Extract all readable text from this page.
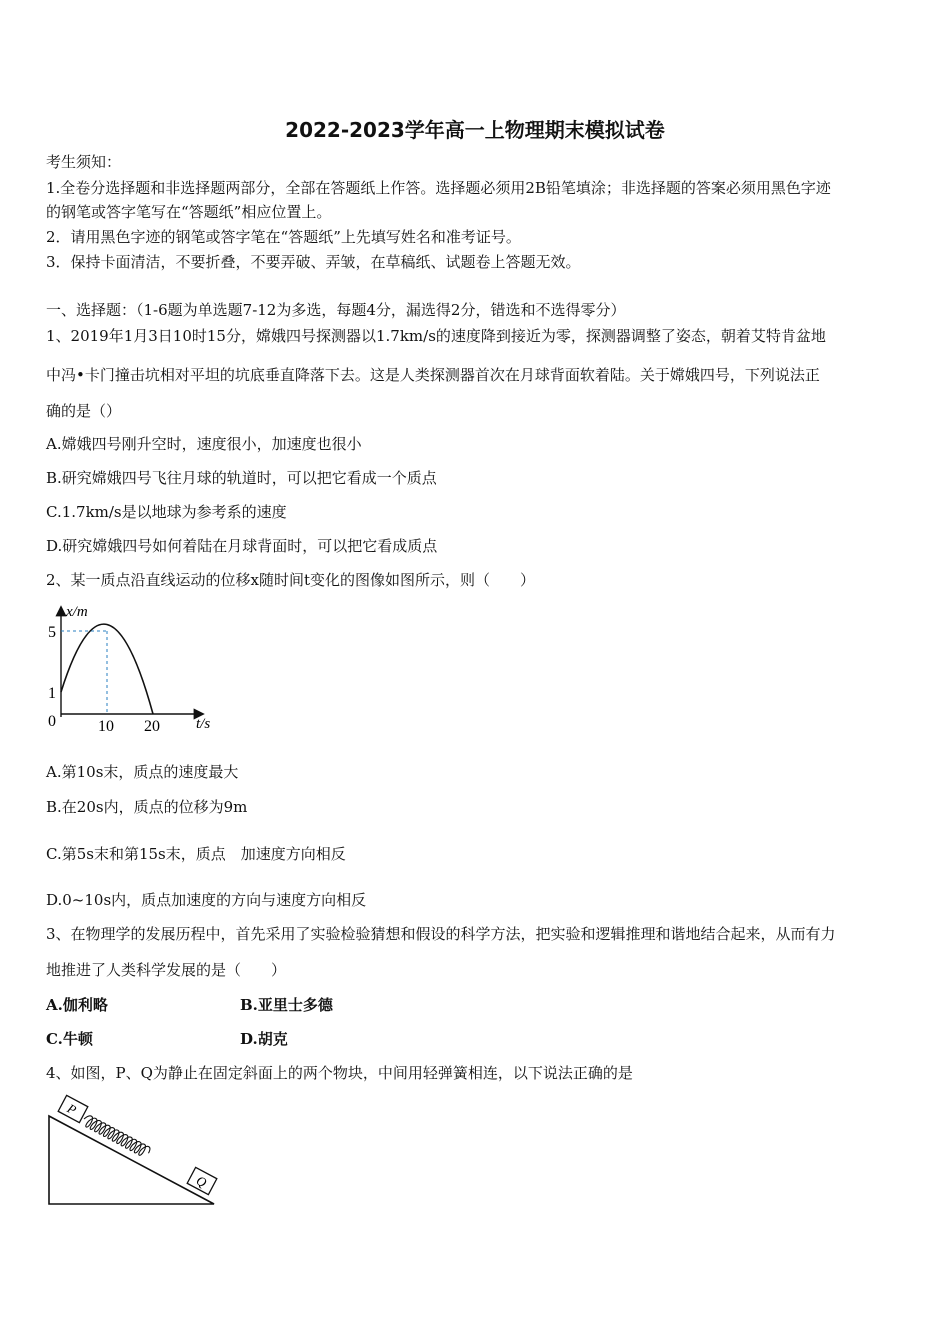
2022-2023学年高一上物理期末模拟试卷
考生须知：
1.全卷分选择题和非选择题两部分，全部在答题纸上作答。选择题必须用2B铅笔填涂；非选择题的答案必须用黑色字迹
的钢笔或答字笔写在“答题纸”相应位置上。
2．请用黑色字迹的钢笔或答字笔在“答题纸”上先填写姓名和准考证号。
3．保持卡面清洁，不要折叠，不要弄破、弄皱，在草稿纸、试题卷上答题无效。
一、选择题：（1-6题为单选题7-12为多选，每题4分，漏选得2分，错选和不选得零分）
1、2019年1月3日10时15分，嫦娥四号探测器以1.7km/s的速度降到接近为零，探测器调整了姿态，朝着艾特肯盆地
中冯•卡门撞击坑相对平坦的坑底垂直降落下去。这是人类探测器首次在月球背面软着陆。关于嫦娥四号，下列说法正
确的是（）
A.嫦娥四号刚升空时，速度很小，加速度也很小
B.研究嫦娥四号飞往月球的轨道时，可以把它看成一个质点
C.1.7km/s是以地球为参考系的速度
D.研究嫦娥四号如何着陆在月球背面时，可以把它看成质点
2、某一质点沿直线运动的位移x随时间t变化的图像如图所示，则（　　）
x/m
5
1
0	10 20 t/s
A.第10s末，质点的速度最大
B.在20s内，质点的位移为9m
C.第5s末和第15s末，质点　加速度方向相反
D.0~10s内，质点加速度的方向与速度方向相反
3、在物理学的发展历程中，首先采用了实验检验猜想和假设的科学方法，把实验和逻辑推理和谐地结合起来，从而有力
地推进了人类科学发展的是（　　）
A.伽利略	B.亚里士多德
C.牛顿	D.胡克
4、如图，P、Q为静止在固定斜面上的两个物块，中间用轻弹簧相连，以下说法正确的是
P
Q
